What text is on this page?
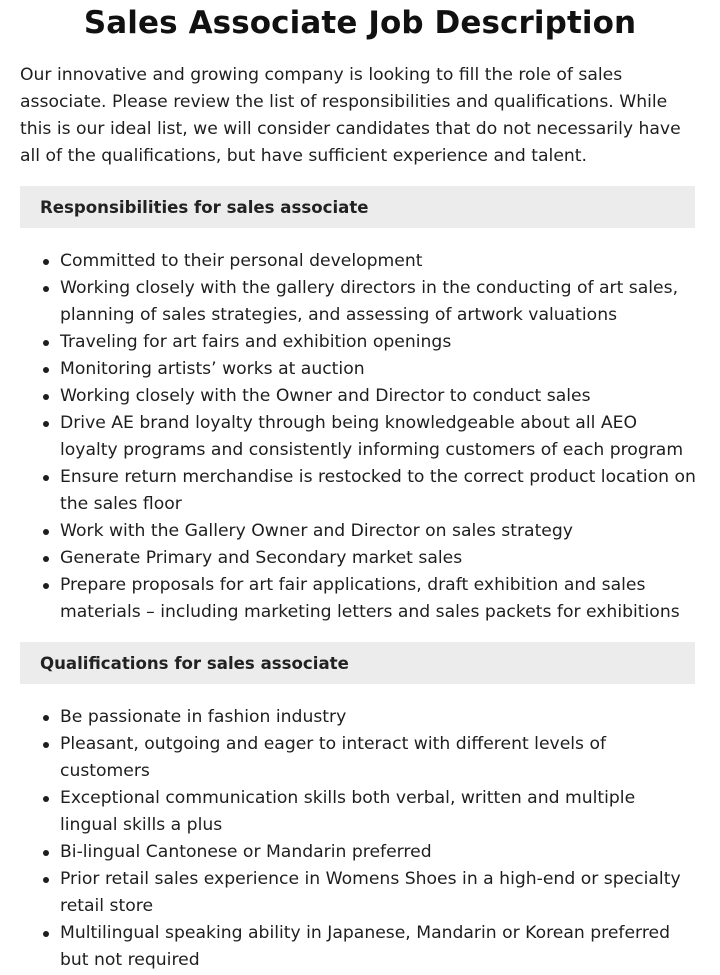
Sales Associate Job Description

Our innovative and growing company is looking to fill the role of sales associate. Please review the list of responsibilities and qualifications. While this is our ideal list, we will consider candidates that do not necessarily have all of the qualifications, but have sufficient experience and talent.

Responsibilities for sales associate
Committed to their personal development
Working closely with the gallery directors in the conducting of art sales, planning of sales strategies, and assessing of artwork valuations
Traveling for art fairs and exhibition openings
Monitoring artists’ works at auction
Working closely with the Owner and Director to conduct sales
Drive AE brand loyalty through being knowledgeable about all AEO loyalty programs and consistently informing customers of each program
Ensure return merchandise is restocked to the correct product location on the sales floor
Work with the Gallery Owner and Director on sales strategy
Generate Primary and Secondary market sales
Prepare proposals for art fair applications, draft exhibition and sales materials – including marketing letters and sales packets for exhibitions
Qualifications for sales associate
Be passionate in fashion industry
Pleasant, outgoing and eager to interact with different levels of customers
Exceptional communication skills both verbal, written and multiple lingual skills a plus
Bi-lingual Cantonese or Mandarin preferred
Prior retail sales experience in Womens Shoes in a high-end or specialty retail store
Multilingual speaking ability in Japanese, Mandarin or Korean preferred but not required
